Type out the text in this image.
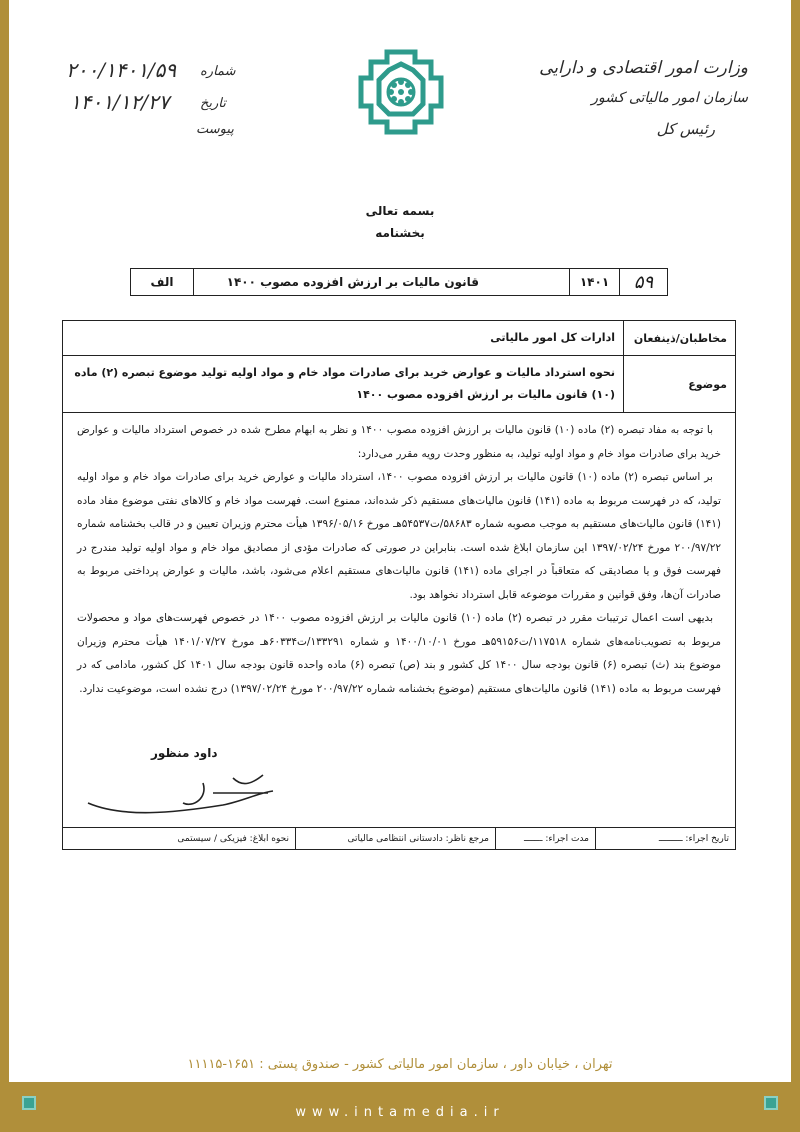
www.intamedia.ir
تهران ، خیابان داور ، سازمان امور مالیاتی کشور - صندوق پستی : ۱۶۵۱-۱۱۱۱۵
وزارت امور اقتصادی و دارایی
سازمان امور مالیاتی کشور
رئیس کل
شماره
۲۰۰/۱۴۰۱/۵۹
تاریخ
۱۴۰۱/۱۲/۲۷
پیوست
بسمه تعالی
بخشنامه
۵۹
۱۴۰۱
قانون مالیات بر ارزش افزوده مصوب ۱۴۰۰
الف
مخاطبان/ذینفعان
ادارات کل امور مالیاتی
موضوع
نحوه استرداد مالیات و عوارض خرید برای صادرات مواد خام و مواد اولیه تولید موضوع تبصره (۲) ماده (۱۰) قانون مالیات بر ارزش افزوده مصوب ۱۴۰۰

با توجه به مفاد تبصره (۲) ماده (۱۰) قانون مالیات بر ارزش افزوده مصوب ۱۴۰۰ و نظر به ابهام مطرح شده در خصوص استرداد مالیات و عوارض خرید برای صادرات مواد خام و مواد اولیه تولید، به منظور وحدت رویه مقرر می‌دارد:

بر اساس تبصره (۲) ماده (۱۰) قانون مالیات بر ارزش افزوده مصوب ۱۴۰۰، استرداد مالیات و عوارض خرید برای صادرات مواد خام و مواد اولیه تولید، که در فهرست مربوط به ماده (۱۴۱) قانون مالیات‌های مستقیم ذکر شده‌اند، ممنوع است. فهرست مواد خام و کالاهای نفتی موضوع مفاد ماده (۱۴۱) قانون مالیات‌های مستقیم به موجب مصوبه شماره ۵۸۶۸۳/ت۵۴۵۳۷هـ مورخ ۱۳۹۶/۰۵/۱۶ هیأت محترم وزیران تعیین و در قالب بخشنامه شماره ۲۰۰/۹۷/۲۲ مورخ ۱۳۹۷/۰۲/۲۴ این سازمان ابلاغ شده است. بنابراین در صورتی که صادرات مؤدی از مصادیق مواد خام و مواد اولیه تولید مندرج در فهرست فوق و یا مصادیقی که متعاقباً در اجرای ماده (۱۴۱) قانون مالیات‌های مستقیم اعلام می‌شود، باشد، مالیات و عوارض پرداختی مربوط به صادرات آن‌ها، وفق قوانین و مقررات موضوعه قابل استرداد نخواهد بود.

بدیهی است اعمال ترتیبات مقرر در تبصره (۲) ماده (۱۰) قانون مالیات بر ارزش افزوده مصوب ۱۴۰۰ در خصوص فهرست‌های مواد و محصولات مربوط به تصویب‌نامه‌های شماره ۱۱۷۵۱۸/ت۵۹۱۵۶هـ مورخ ۱۴۰۰/۱۰/۰۱ و شماره ۱۳۳۲۹۱/ت۶۰۳۳۴هـ مورخ ۱۴۰۱/۰۷/۲۷ هیأت محترم وزیران موضوع بند (ث) تبصره (۶) قانون بودجه سال ۱۴۰۰ کل کشور و بند (ص) تبصره (۶) ماده واحده قانون بودجه سال ۱۴۰۱ کل کشور، مادامی که در فهرست مربوط به ماده (۱۴۱) قانون مالیات‌های مستقیم (موضوع بخشنامه شماره ۲۰۰/۹۷/۲۲ مورخ ۱۳۹۷/۰۲/۲۴) درج نشده است، موضوعیت ندارد.

داود منظور
تاریخ اجراء: ـــــــــ
مدت اجراء: ـــــــ
مرجع ناظر: دادستانی انتظامی مالیاتی
نحوه ابلاغ: فیزیکی / سیستمی
